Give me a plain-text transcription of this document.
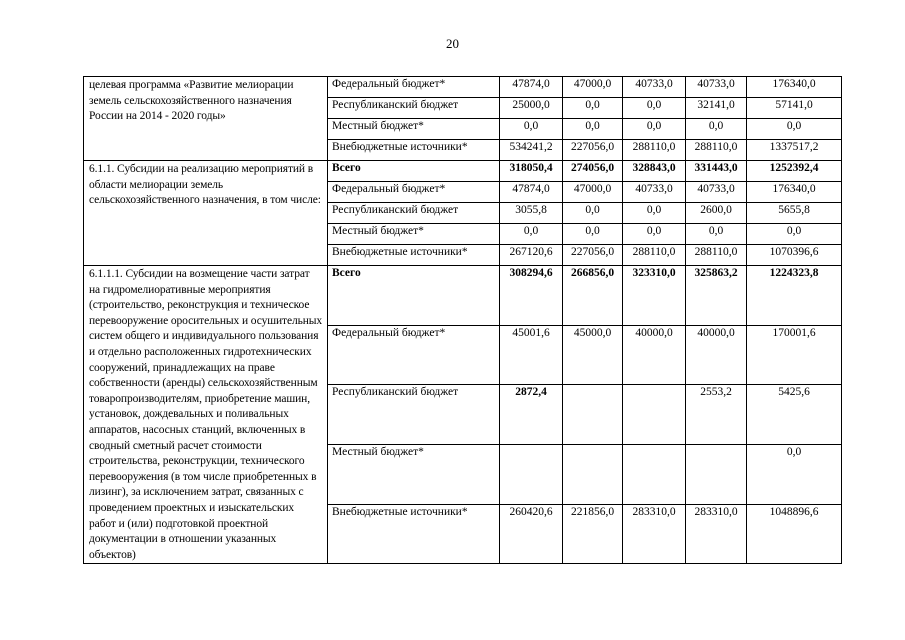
20
целевая программа «Развитие мелиорации земель сельскохозяйственного назначения России на 2014 - 2020 годы»	Федеральный бюджет*	47874,0	47000,0	40733,0	40733,0	176340,0
	Республиканский бюджет	25000,0	0,0	0,0	32141,0	57141,0
	Местный бюджет*	0,0	0,0	0,0	0,0	0,0
	Внебюджетные источники*	534241,2	227056,0	288110,0	288110,0	1337517,2
6.1.1. Субсидии на реализацию мероприятий в области мелиорации земель сельскохозяйственного назначения, в том числе:	Всего	318050,4	274056,0	328843,0	331443,0	1252392,4
	Федеральный бюджет*	47874,0	47000,0	40733,0	40733,0	176340,0
	Республиканский бюджет	3055,8	0,0	0,0	2600,0	5655,8
	Местный бюджет*	0,0	0,0	0,0	0,0	0,0
	Внебюджетные источники*	267120,6	227056,0	288110,0	288110,0	1070396,6
6.1.1.1. Субсидии на возмещение части затрат на гидромелиоративные мероприятия (строительство, реконструкция и техническое перевооружение оросительных и осушительных систем общего и индивидуального пользования и отдельно расположенных гидротехнических сооружений, принадлежащих на праве собственности (аренды) сельскохозяйственным товаропроизводителям, приобретение машин, установок, дождевальных и поливальных аппаратов, насосных станций, включенных в сводный сметный расчет стоимости строительства, реконструкции, технического перевооружения (в том числе приобретенных в лизинг), за исключением затрат, связанных с проведением проектных и изыскательских работ и (или) подготовкой проектной документации в отношении указанных объектов)	Всего	308294,6	266856,0	323310,0	325863,2	1224323,8
	Федеральный бюджет*	45001,6	45000,0	40000,0	40000,0	170001,6
	Республиканский бюджет	2872,4			2553,2	5425,6
	Местный бюджет*					0,0
	Внебюджетные источники*	260420,6	221856,0	283310,0	283310,0	1048896,6
